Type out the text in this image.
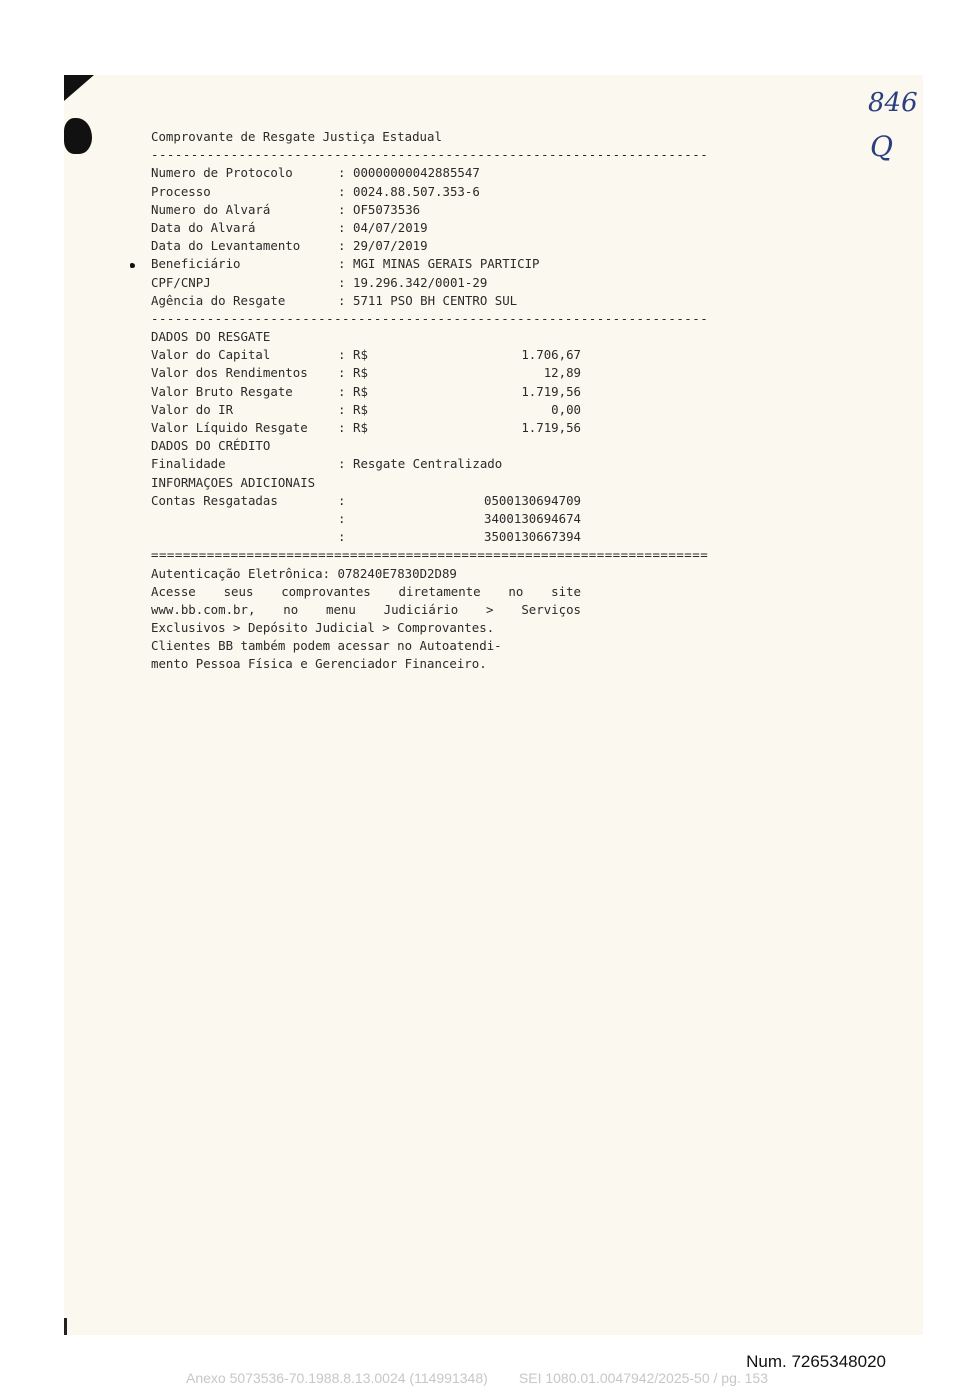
Comprovante de Resgate Justiça Estadual
----------------------------------------------------------------------
Numero de Protocolo	: 00000000042885547
Processo	: 0024.88.507.353-6
Numero do Alvará	: OF5073536
Data do Alvará	: 04/07/2019
Data do Levantamento	: 29/07/2019
Beneficiário	: MGI MINAS GERAIS PARTICIP
CPF/CNPJ	: 19.296.342/0001-29
Agência do Resgate	: 5711 PSO BH CENTRO SUL
----------------------------------------------------------------------
DADOS DO RESGATE
Valor do Capital	: R$	1.706,67
Valor dos Rendimentos	: R$	12,89
Valor Bruto Resgate	: R$	1.719,56
Valor do IR	: R$	0,00
Valor Líquido Resgate	: R$	1.719,56
DADOS DO CRÉDITO
Finalidade	: Resgate Centralizado
INFORMAÇOES ADICIONAIS
Contas Resgatadas	:	0500130694709
:	3400130694674
:	3500130667394
======================================================================
Autenticação Eletrônica:
078240E7830D2D89
Acesse seus comprovantes diretamente no site
www.bb.com.br, no menu Judiciário > Serviços
Exclusivos > Depósito Judicial > Comprovantes.
Clientes BB também podem acessar no Autoatendi-
mento Pessoa Física e Gerenciador Financeiro.
846
Q
Num. 7265348020
Anexo 5073536-70.1988.8.13.0024 (114991348)        SEI 1080.01.0047942/2025-50 / pg. 153
